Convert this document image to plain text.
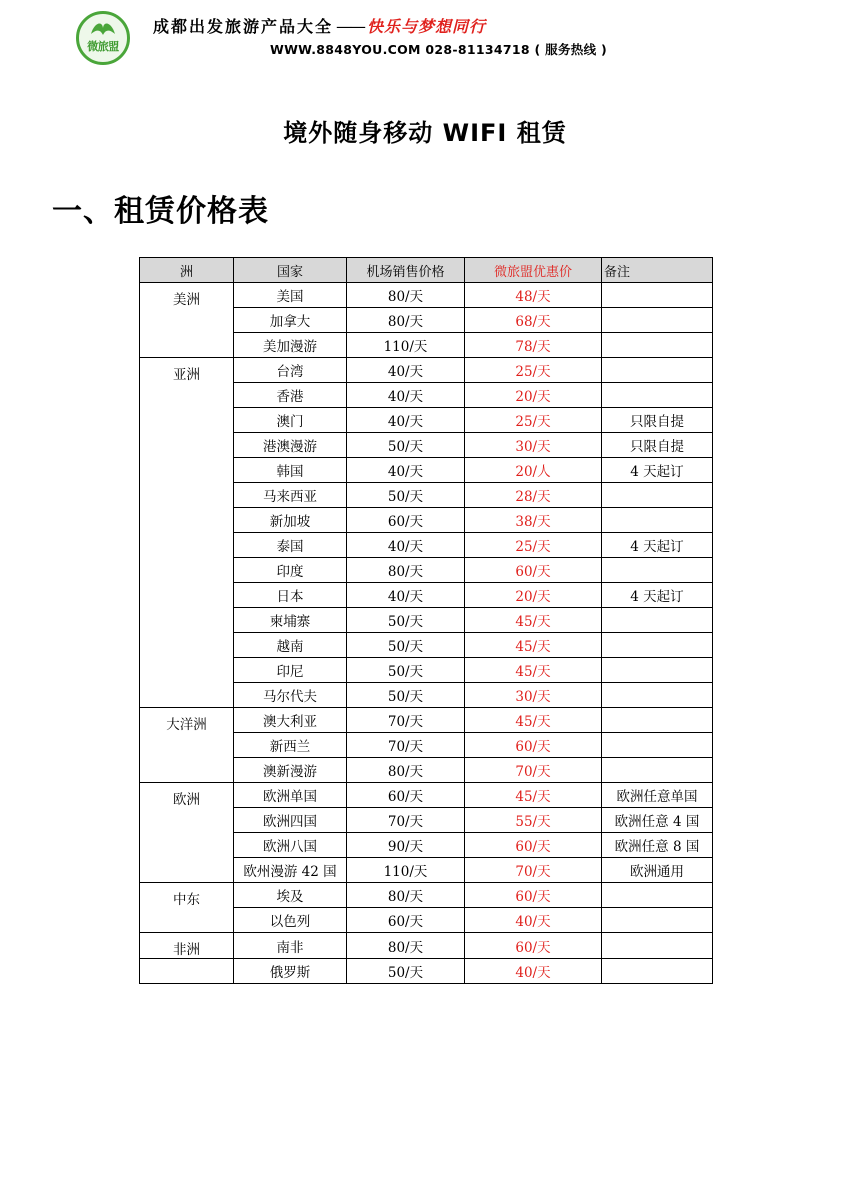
微旅盟
成都出发旅游产品大全 —— 快乐与梦想同行
WWW.8848YOU.COM 028-81134718 ( 服务热线 )
境外随身移动 WIFI 租赁
一、租赁价格表
洲	国家	机场销售价格	微旅盟优惠价	备注
美洲	美国	80/天	48/天	
	加拿大	80/天	68/天	
	美加漫游	110/天	78/天	
亚洲	台湾	40/天	25/天	
	香港	40/天	20/天	
	澳门	40/天	25/天	只限自提
	港澳漫游	50/天	30/天	只限自提
	韩国	40/天	20/人	4 天起订
	马来西亚	50/天	28/天	
	新加坡	60/天	38/天	
	泰国	40/天	25/天	4 天起订
	印度	80/天	60/天	
	日本	40/天	20/天	4 天起订
	柬埔寨	50/天	45/天	
	越南	50/天	45/天	
	印尼	50/天	45/天	
	马尔代夫	50/天	30/天	
大洋洲	澳大利亚	70/天	45/天	
	新西兰	70/天	60/天	
	澳新漫游	80/天	70/天	
欧洲	欧洲单国	60/天	45/天	欧洲任意单国
	欧洲四国	70/天	55/天	欧洲任意 4 国
	欧洲八国	90/天	60/天	欧洲任意 8 国
	欧州漫游 42 国	110/天	70/天	欧洲通用
中东	埃及	80/天	60/天	
	以色列	60/天	40/天	
非洲	南非	80/天	60/天	
	俄罗斯	50/天	40/天	
